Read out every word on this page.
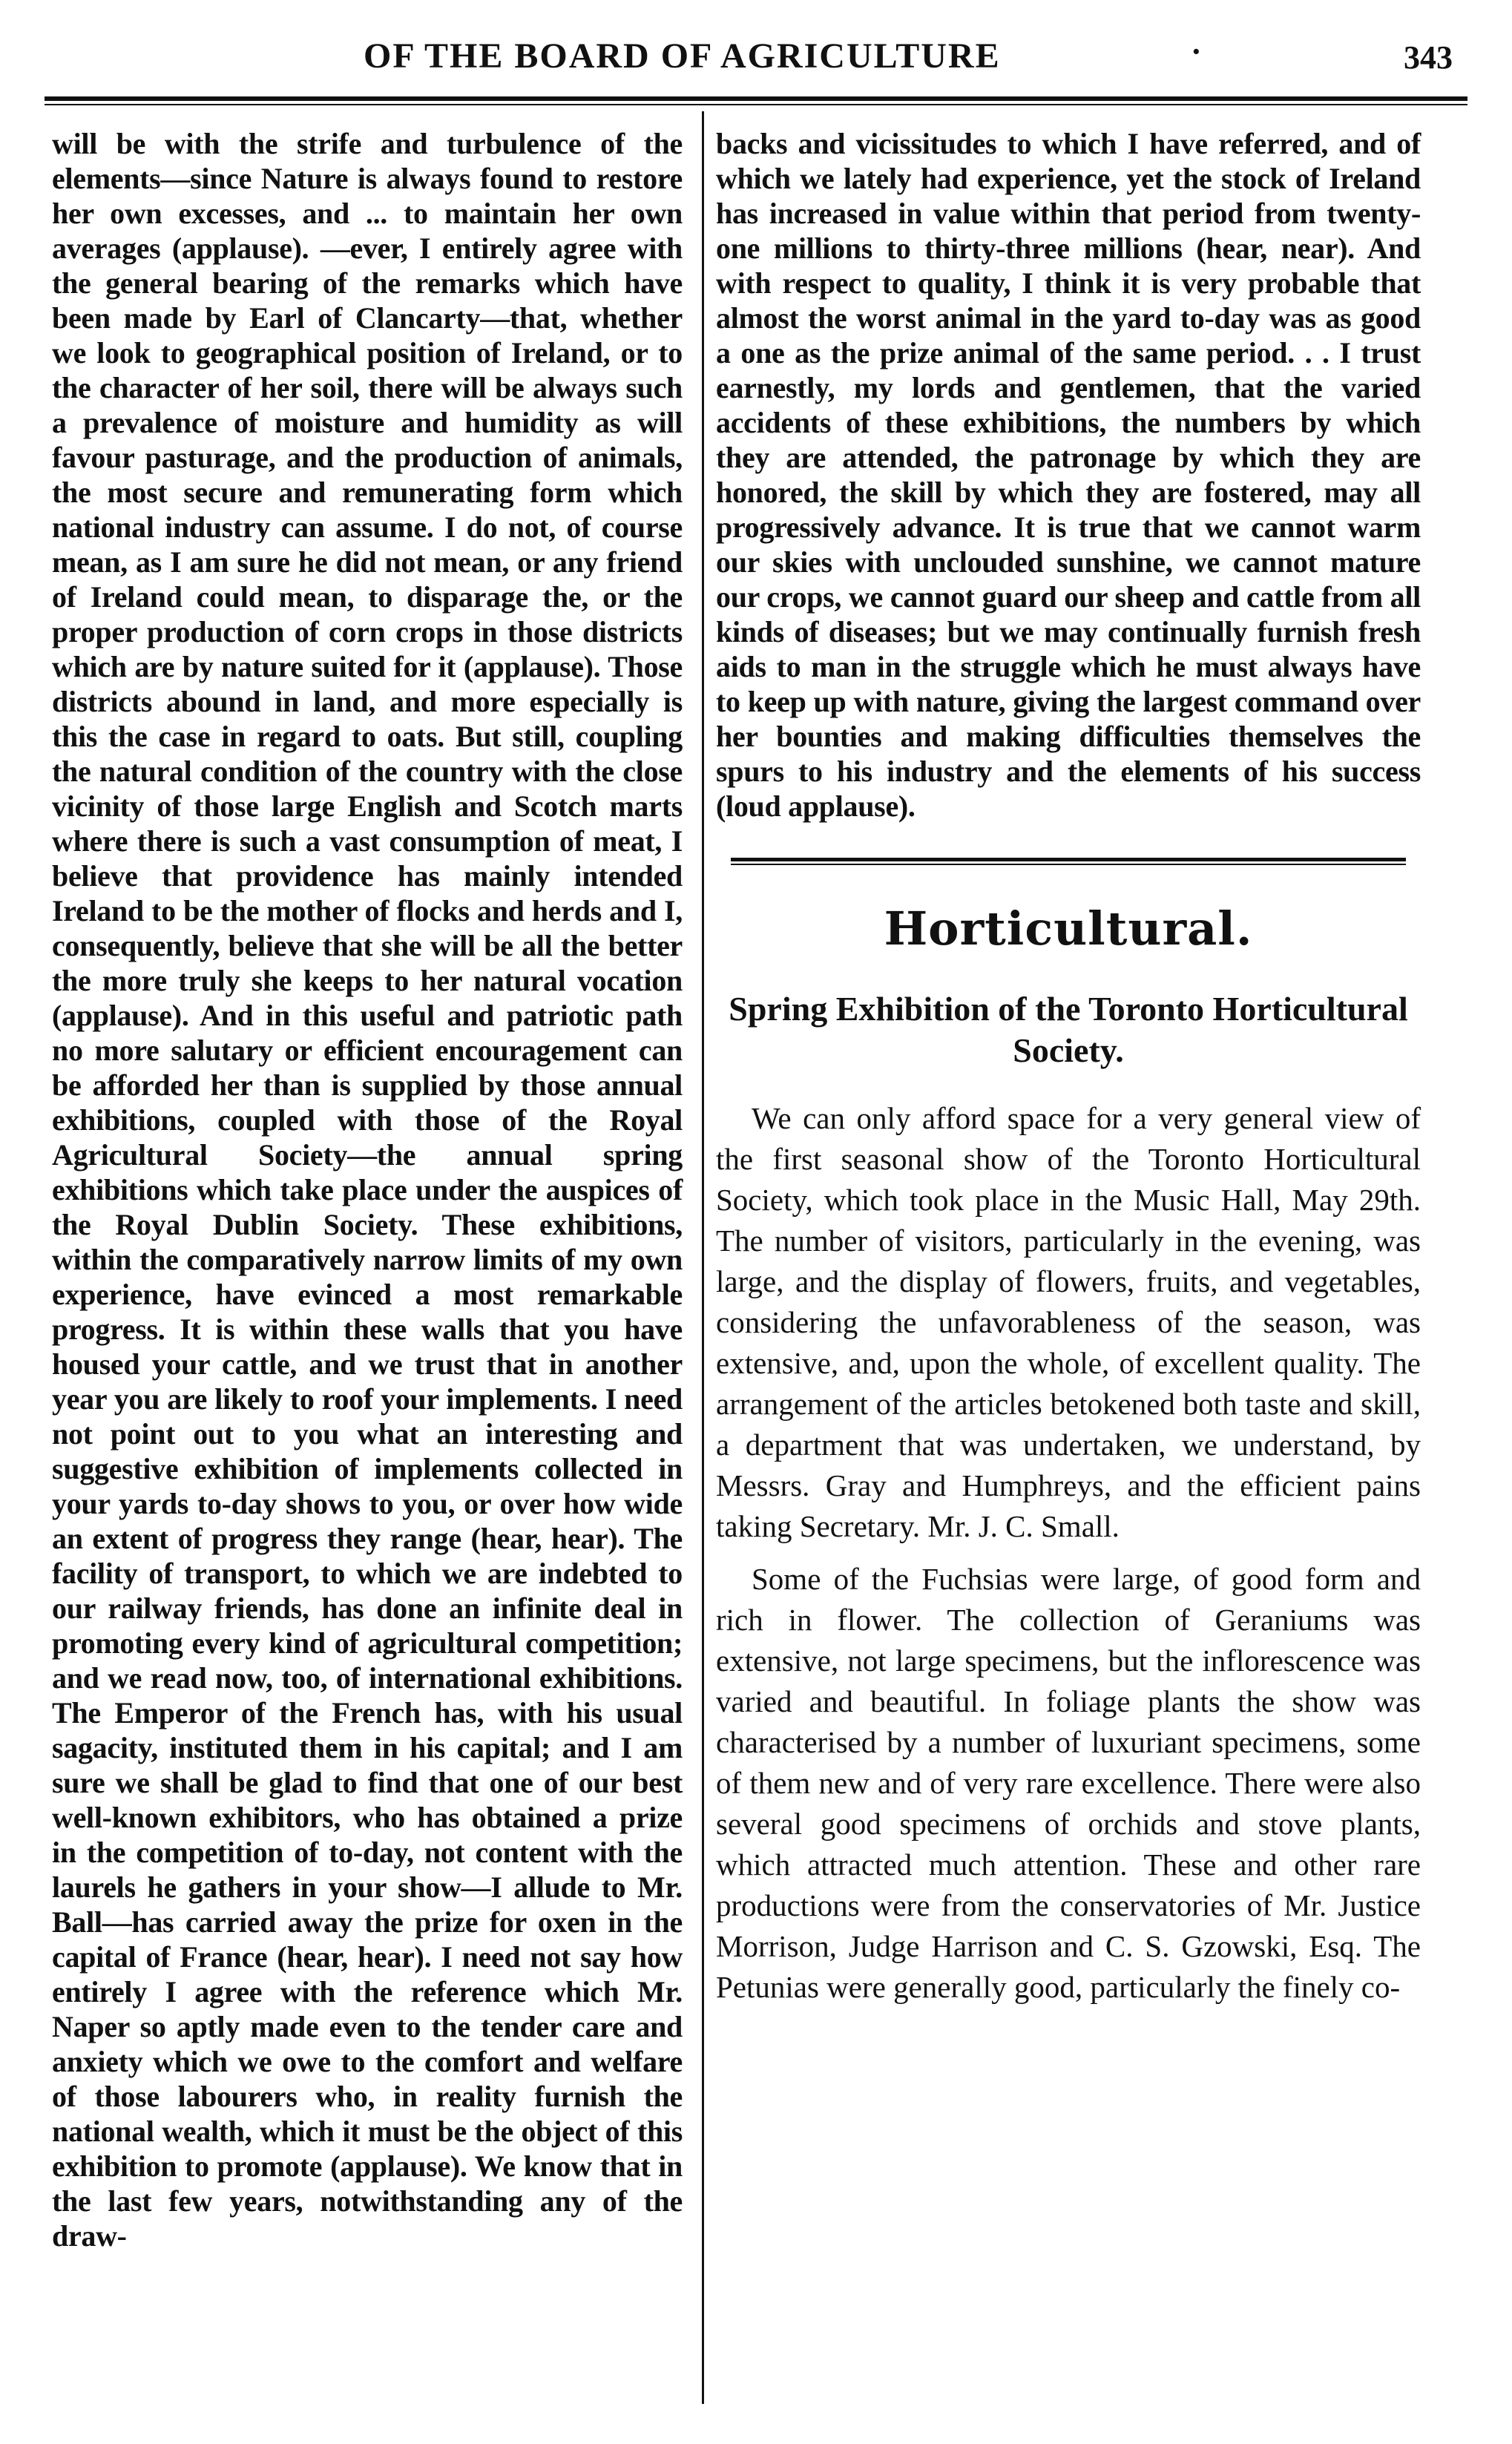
OF THE BOARD OF AGRICULTURE	·	343

will be with the strife and turbulence of the elements—since Nature is always found to restore her own excesses, and ... to maintain her own averages (applause). —ever, I entirely agree with the general bearing of the remarks which have been made by Earl of Clancarty—that, whether we look to geographical position of Ireland, or to the character of her soil, there will be always such a prevalence of moisture and humidity as will favour pasturage, and the production of animals, the most secure and remunerating form which national industry can assume. I do not, of course mean, as I am sure he did not mean, or any friend of Ireland could mean, to disparage the, or the proper production of corn crops in those districts which are by nature suited for it (applause). Those districts abound in land, and more especially is this the case in regard to oats. But still, coupling the natural condition of the country with the close vicinity of those large English and Scotch marts where there is such a vast consumption of meat, I believe that providence has mainly intended Ireland to be the mother of flocks and herds and I, consequently, believe that she will be all the better the more truly she keeps to her natural vocation (applause). And in this useful and patriotic path no more salutary or efficient encouragement can be afforded her than is supplied by those annual exhibitions, coupled with those of the Royal Agricultural Society—the annual spring exhibitions which take place under the auspices of the Royal Dublin Society. These exhibitions, within the comparatively narrow limits of my own experience, have evinced a most remarkable progress. It is within these walls that you have housed your cattle, and we trust that in another year you are likely to roof your implements. I need not point out to you what an interesting and suggestive exhibition of implements collected in your yards to-day shows to you, or over how wide an extent of progress they range (hear, hear). The facility of transport, to which we are indebted to our railway friends, has done an infinite deal in promoting every kind of agricultural competition; and we read now, too, of international exhibitions. The Emperor of the French has, with his usual sagacity, instituted them in his capital; and I am sure we shall be glad to find that one of our best well-known exhibitors, who has obtained a prize in the competition of to-day, not content with the laurels he gathers in your show—I allude to Mr. Ball—has carried away the prize for oxen in the capital of France (hear, hear). I need not say how entirely I agree with the reference which Mr. Naper so aptly made even to the tender care and anxiety which we owe to the comfort and welfare of those labourers who, in reality furnish the national wealth, which it must be the object of this exhibition to promote (applause). We know that in the last few years, notwithstanding any of the draw-

backs and vicissitudes to which I have referred, and of which we lately had experience, yet the stock of Ireland has increased in value within that period from twenty-one millions to thirty-three millions (hear, near). And with respect to quality, I think it is very probable that almost the worst animal in the yard to-day was as good a one as the prize animal of the same period. . . I trust earnestly, my lords and gentlemen, that the varied accidents of these exhibitions, the numbers by which they are attended, the patronage by which they are honored, the skill by which they are fostered, may all progressively advance. It is true that we cannot warm our skies with unclouded sunshine, we cannot mature our crops, we cannot guard our sheep and cattle from all kinds of diseases; but we may continually furnish fresh aids to man in the struggle which he must always have to keep up with nature, giving the largest command over her bounties and making difficulties themselves the spurs to his industry and the elements of his success (loud applause).

Horticultural.
Spring Exhibition of the Toronto Horticultural Society.

We can only afford space for a very general view of the first seasonal show of the Toronto Horticultural Society, which took place in the Music Hall, May 29th. The number of visitors, particularly in the evening, was large, and the display of flowers, fruits, and vegetables, considering the unfavorableness of the season, was extensive, and, upon the whole, of excellent quality. The arrangement of the articles betokened both taste and skill, a department that was undertaken, we understand, by Messrs. Gray and Humphreys, and the efficient pains taking Secretary. Mr. J. C. Small.

Some of the Fuchsias were large, of good form and rich in flower. The collection of Geraniums was extensive, not large specimens, but the inflorescence was varied and beautiful. In foliage plants the show was characterised by a number of luxuriant specimens, some of them new and of very rare excellence. There were also several good specimens of orchids and stove plants, which attracted much attention. These and other rare productions were from the conservatories of Mr. Justice Morrison, Judge Harrison and C. S. Gzowski, Esq. The Petunias were generally good, particularly the finely co-
